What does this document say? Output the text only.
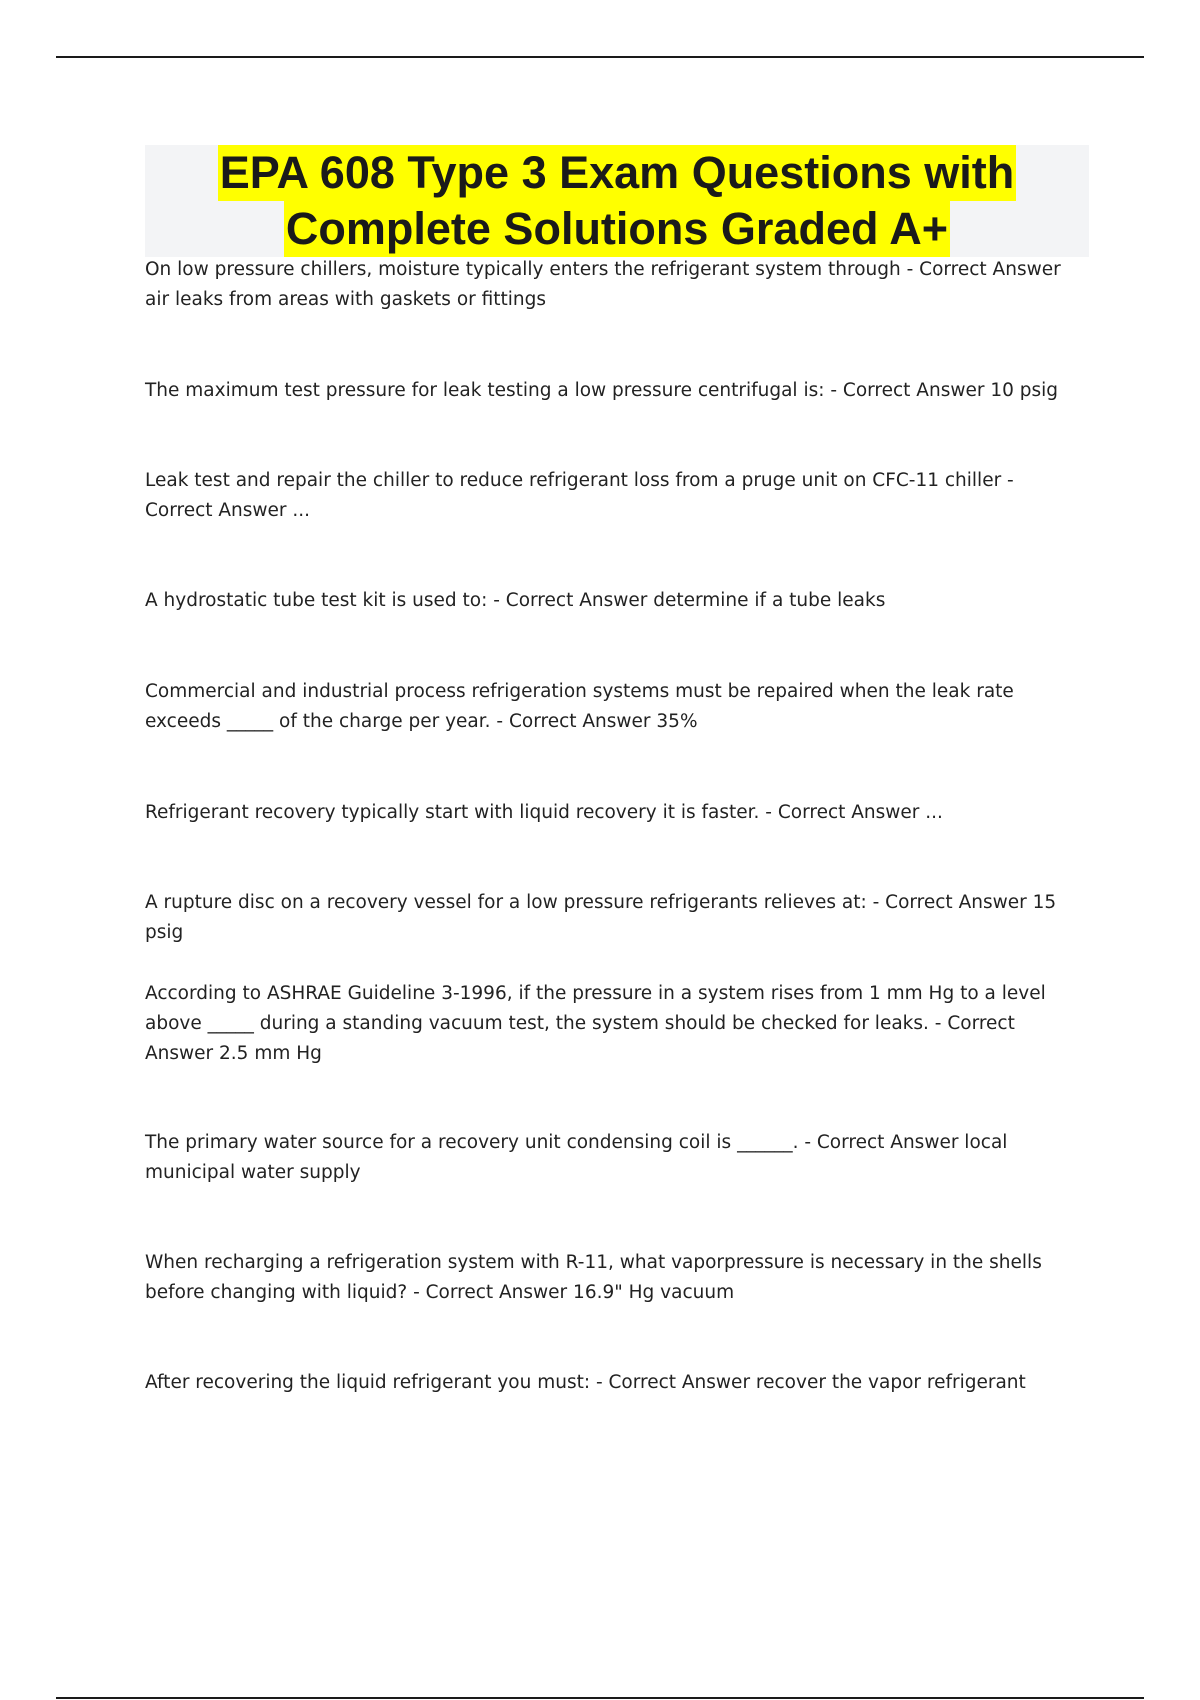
EPA 608 Type 3 Exam Questions with
Complete Solutions Graded A+

On low pressure chillers, moisture typically enters the refrigerant system through - Correct Answer air leaks from areas with gaskets or fittings

The maximum test pressure for leak testing a low pressure centrifugal is: - Correct Answer 10 psig

Leak test and repair the chiller to reduce refrigerant loss from a pruge unit on CFC-11 chiller - Correct Answer ...

A hydrostatic tube test kit is used to: - Correct Answer determine if a tube leaks

Commercial and industrial process refrigeration systems must be repaired when the leak rate exceeds _____ of the charge per year. - Correct Answer 35%

Refrigerant recovery typically start with liquid recovery it is faster. - Correct Answer ...

A rupture disc on a recovery vessel for a low pressure refrigerants relieves at: - Correct Answer 15 psig

According to ASHRAE Guideline 3-1996, if the pressure in a system rises from 1 mm Hg to a level above _____ during a standing vacuum test, the system should be checked for leaks. - Correct Answer 2.5 mm Hg

The primary water source for a recovery unit condensing coil is ______. - Correct Answer local municipal water supply

When recharging a refrigeration system with R-11, what vaporpressure is necessary in the shells before changing with liquid? - Correct Answer 16.9" Hg vacuum

After recovering the liquid refrigerant you must: - Correct Answer recover the vapor refrigerant
